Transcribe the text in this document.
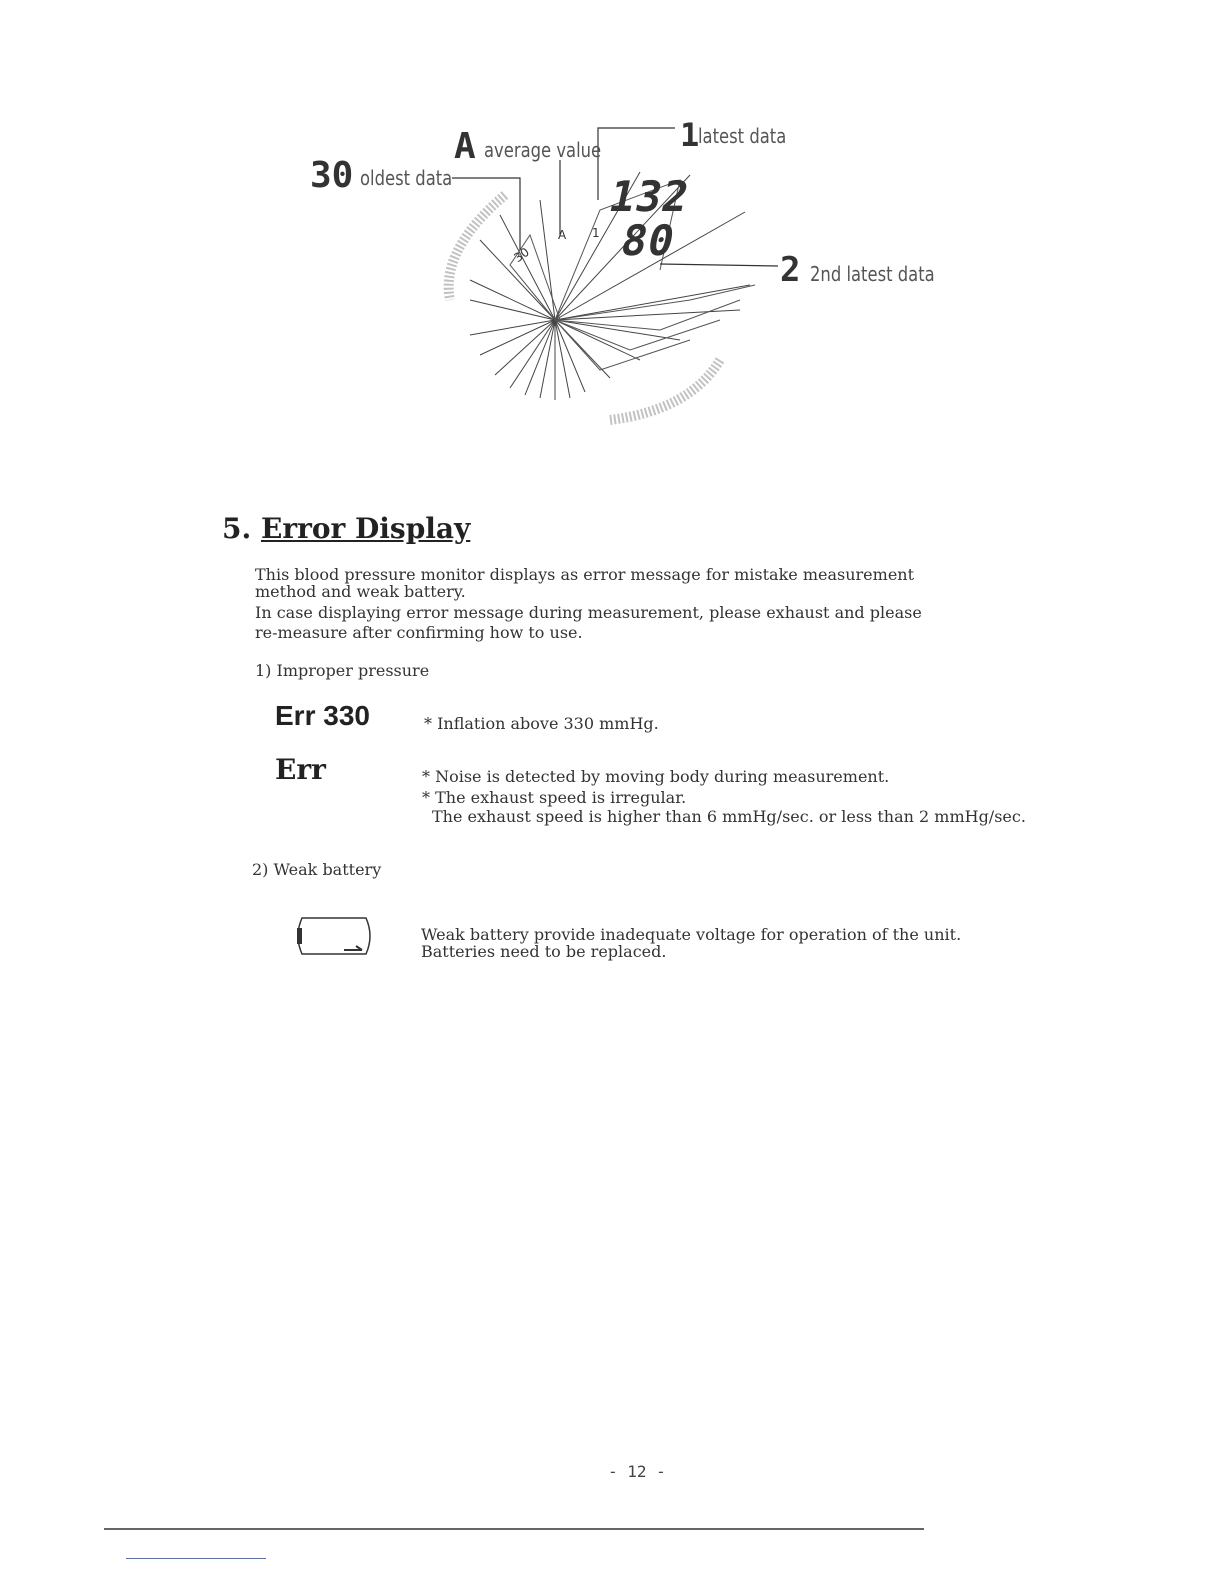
132
80
30
A 1
30 oldest data
A average value 1
latest data
2 2nd latest data
5. Error Display
This blood pressure monitor displays as error message for mistake measurement
method and weak battery.
In case displaying error message during measurement, please exhaust and please
re-measure after confirming how to use.
1) Improper pressure
Err 330	* Inflation above 330 mmHg.
Err	* Noise is detected by moving body during measurement.
* The exhaust speed is irregular.
The exhaust speed is higher than 6 mmHg/sec. or less than 2 mmHg/sec.
2) Weak battery
Weak battery provide inadequate voltage for operation of the unit.
Batteries need to be replaced.
- 12 -
